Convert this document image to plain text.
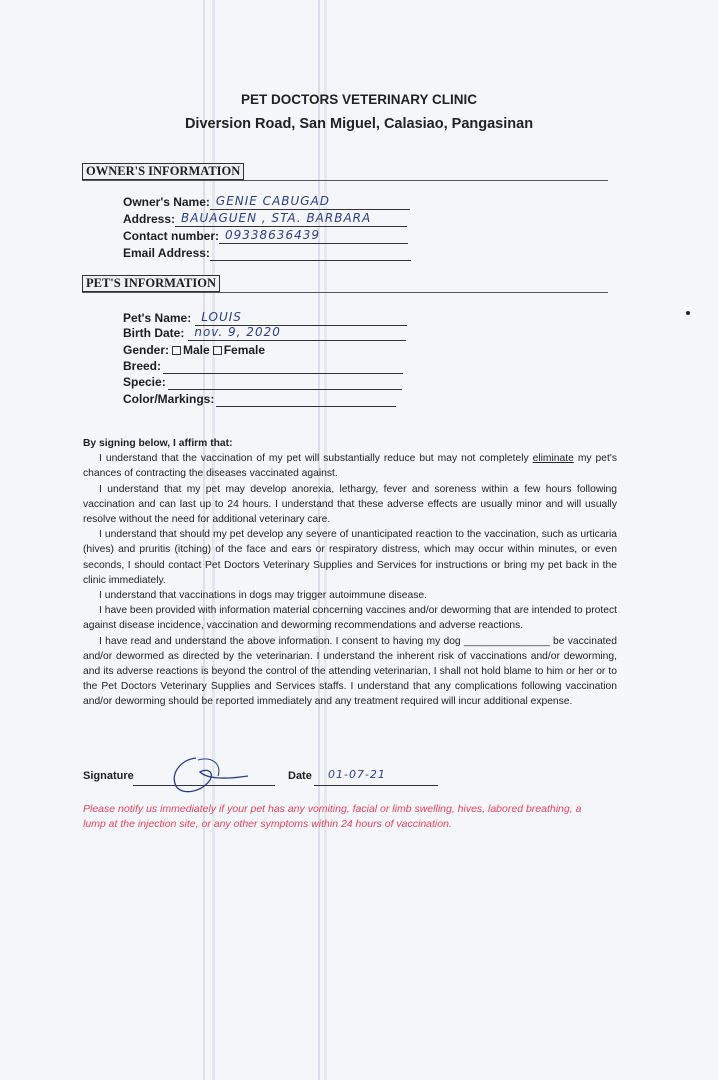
PET DOCTORS VETERINARY CLINIC
Diversion Road, San Miguel, Calasiao, Pangasinan
OWNER'S INFORMATION
Owner's Name: GENIE CABUGAD
Address: BAUAGUEN , STA. BARBARA
Contact number: 09338636439
Email Address:
PET'S INFORMATION
Pet's Name: LOUIS
Birth Date: nov. 9, 2020
Gender: Male Female
Breed:
Specie:
Color/Markings:

By signing below, I affirm that:

I understand that the vaccination of my pet will substantially reduce but may not completely eliminate my pet's chances of contracting the diseases vaccinated against.

I understand that my pet may develop anorexia, lethargy, fever and soreness within a few hours following vaccination and can last up to 24 hours. I understand that these adverse effects are usually minor and will usually resolve without the need for additional veterinary care.

I understand that should my pet develop any severe of unanticipated reaction to the vaccination, such as urticaria (hives) and pruritis (itching) of the face and ears or respiratory distress, which may occur within minutes, or even seconds, I should contact Pet Doctors Veterinary Supplies and Services for instructions or bring my pet back in the clinic immediately.

I understand that vaccinations in dogs may trigger autoimmune disease.

I have been provided with information material concerning vaccines and/or deworming that are intended to protect against disease incidence, vaccination and deworming recommendations and adverse reactions.

I have read and understand the above information. I consent to having my dog _______________ be vaccinated and/or dewormed as directed by the veterinarian. I understand the inherent risk of vaccinations and/or deworming, and its adverse reactions is beyond the control of the attending veterinarian, I shall not hold blame to him or her or to the Pet Doctors Veterinary Supplies and Services staffs. I understand that any complications following vaccination and/or deworming should be reported immediately and any treatment required will incur additional expense.

Signature	Date 01-07-21
Please notify us immediately if your pet has any vomiting, facial or limb swelling, hives, labored breathing, a lump at the injection site, or any other symptoms within 24 hours of vaccination.
